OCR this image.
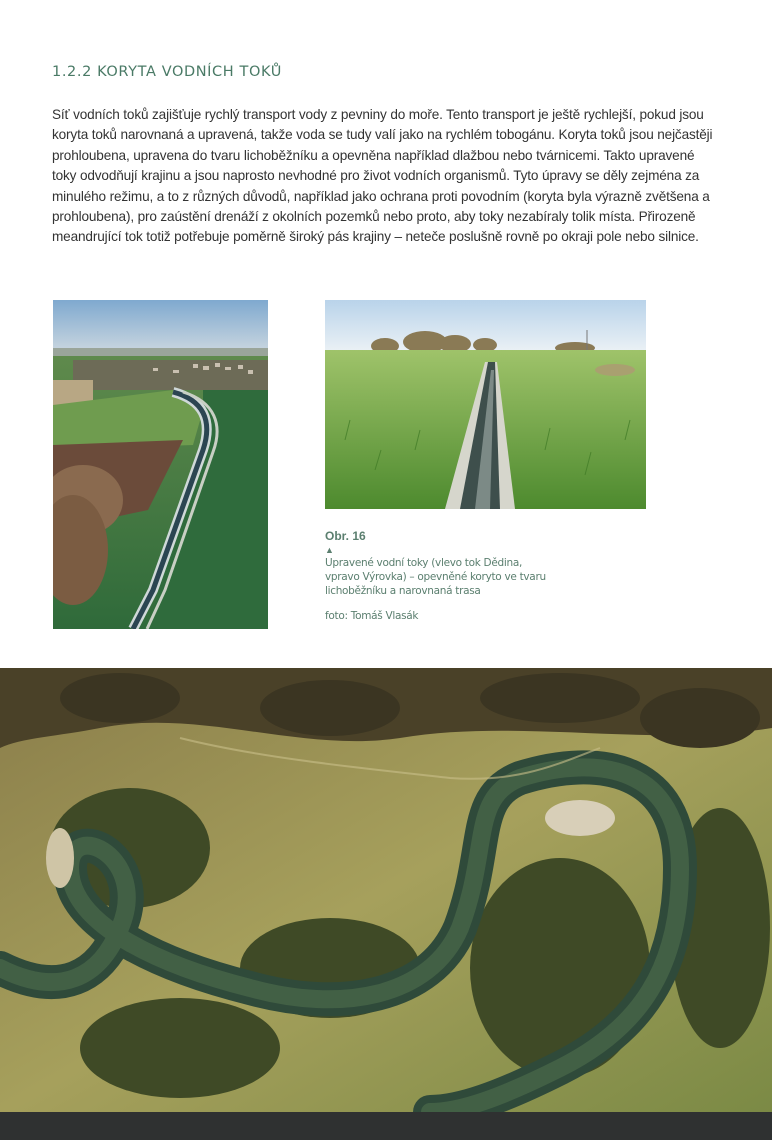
1.2.2 KORYTA VODNÍCH TOKŮ

Síť vodních toků zajišťuje rychlý transport vody z pevniny do moře. Tento transport je ještě rychlejší, pokud jsou koryta toků narovnaná a upravená, takže voda se tudy valí jako na rychlém tobogánu. Koryta toků jsou nejčastěji prohloubena, upravena do tvaru lichoběžníku a opevněna například dlažbou nebo tvárnicemi. Takto upravené toky odvodňují krajinu a jsou naprosto nevhodné pro život vodních organismů. Tyto úpravy se děly zejména za minulého režimu, a to z různých důvodů, například jako ochrana proti povodním (koryta byla výrazně zvětšena a prohloubena), pro zaústění drenáží z okolních pozemků nebo proto, aby toky nezabíraly tolik místa. Přirozeně meandrující tok totiž potřebuje poměrně široký pás krajiny – neteče poslušně rovně po okraji pole nebo silnice.

Obr. 16

▲

Upravené vodní toky (vlevo tok Dědina, vpravo Výrovka) – opevněné koryto ve tvaru lichoběžníku a narovnaná trasa

foto: Tomáš Vlasák
